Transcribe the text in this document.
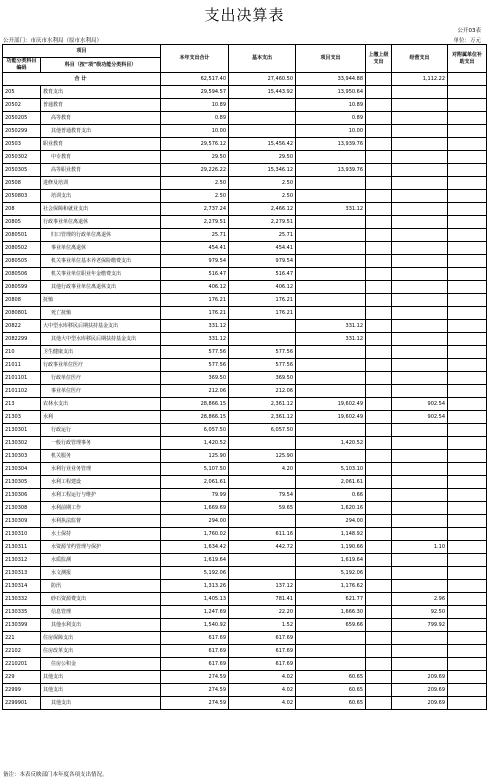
支出决算表
公开03表
公开部门：市庆市水利局（原市水利局）	单位：万元
项目		本年支出合计	基本支出	项目支出	上缴上级支出	经营支出	对附属单位补助支出
功能分类科目编码	科目（按“项”级功能分类科目）						
合计		62,517.40	27,460.50	33,944.88		1,112.22	
205	教育支出	29,594.57	15,443.92	13,950.64			
20502	普通教育	10.89		10.89			
2050205	高等教育	0.89		0.89			
2050299	其他普通教育支出	10.00		10.00			
20503	职业教育	29,576.12	15,456.42	13,939.76			
2050302	中专教育	29.50	29.50				
2050305	高等职业教育	29,226.22	15,346.12	13,939.76			
20508	进修及培训	2.50	2.50				
2050803	培训支出	2.50	2.50				
208	社会保障和就业支出	2,737.24	2,466.12	331.12			
20805	行政事业单位离退休	2,279.51	2,279.51				
2080501	归口管理的行政单位离退休	25.71	25.71				
2080502	事业单位离退休	454.41	454.41				
2080505	机关事业单位基本养老保险缴费支出	979.54	979.54				
2080506	机关事业单位职业年金缴费支出	516.47	516.47				
2080599	其他行政事业单位离退休支出	406.12	406.12				
20808	抚恤	176.21	176.21				
2080801	死亡抚恤	176.21	176.21				
20822	大中型水库移民后期扶持基金支出	331.12		331.12			
2082299	其他大中型水库移民后期扶持基金支出	331.12		331.12			
210	卫生健康支出	577.56	577.56				
21011	行政事业单位医疗	577.56	577.56				
2101101	行政单位医疗	369.50	369.50				
2101102	事业单位医疗	212.06	212.06				
213	农林水支出	28,866.15	2,361.12	19,602.49		902.54	
21303	水利	28,866.15	2,361.12	19,602.49		902.54	
2130301	行政运行	6,057.50	6,057.50				
2130302	一般行政管理事务	1,420.52		1,420.52			
2130303	机关服务	125.90	125.90				
2130304	水利行业业务管理	5,107.50	4.20	5,103.10			
2130305	水利工程建设	2,061.61		2,061.61			
2130306	水利工程运行与维护	79.99	79.54	0.66			
2130308	水利前期工作	1,669.69	59.65	1,620.16			
2130309	水利执法监督	294.00		294.00			
2130310	水土保持	1,760.02	611.16	1,148.92			
2130311	水资源节约管理与保护	1,634.42	442.72	1,190.66		1.10	
2130312	水质监测	1,619.64		1,619.64			
2130313	水文测报	5,192.06		5,192.06			
2130314	防汛	1,313.26	137.12	1,176.62			
2130332	砂石资源费支出	1,405.13	781.41	621.77		2.96	
2130335	信息管理	1,247.69	22.20	1,666.30		92.50	
2130399	其他水利支出	1,540.92	1.52	659.66		799.92	
221	住房保障支出	617.69	617.69				
22102	住房改革支出	617.69	617.69				
2210201	住房公积金	617.69	617.69				
229	其他支出	274.59	4.02	60.65		209.69	
22999	其他支出	274.59	4.02	60.65		209.69	
2299901	其他支出	274.59	4.02	60.65		209.69	
备注：本表反映部门本年度各项支出情况。
